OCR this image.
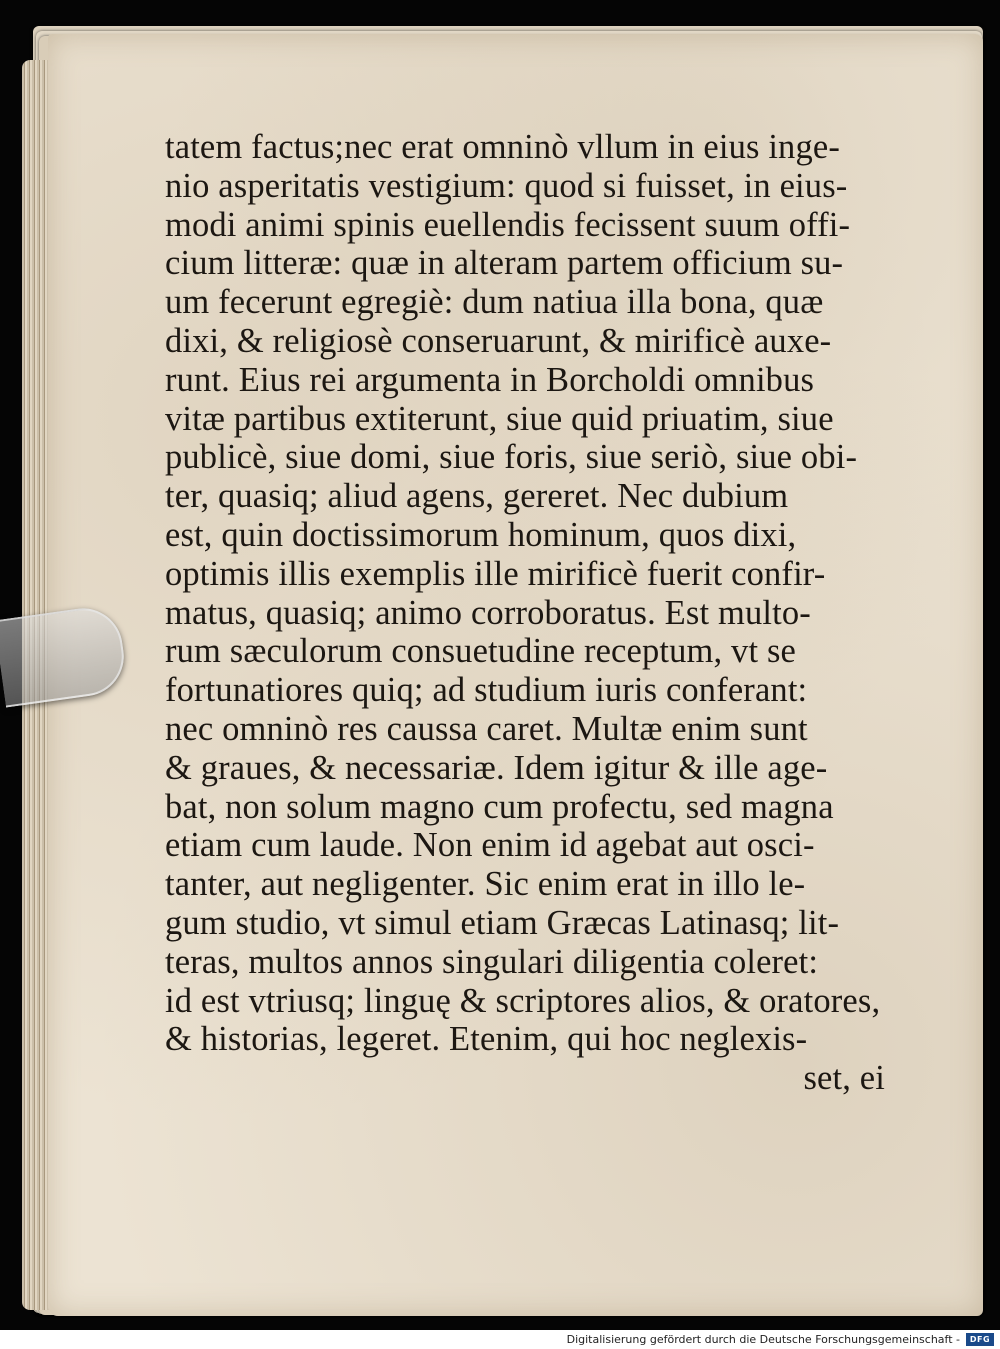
tatem factus;nec erat omninò vllum in eius inge-
nio asperitatis vestigium: quod si fuisset, in eius-
modi animi spinis euellendis fecissent suum offi-
cium litteræ: quæ in alteram partem officium su-
um fecerunt egregiè: dum natiua illa bona, quæ
dixi, & religiosè conseruarunt, & mirificè auxe-
runt. Eius rei argumenta in Borcholdi omnibus
vitæ partibus extiterunt, siue quid priuatim, siue
publicè, siue domi, siue foris, siue seriò, siue obi-
ter, quasiq; aliud agens, gereret. Nec dubium
est, quin doctissimorum hominum, quos dixi,
optimis illis exemplis ille mirificè fuerit confir-
matus, quasiq; animo corroboratus. Est multo-
rum sæculorum consuetudine receptum, vt se
fortunatiores quiq; ad studium iuris conferant:
nec omninò res caussa caret. Multæ enim sunt
& graues, & necessariæ. Idem igitur & ille age-
bat, non solum magno cum profectu, sed magna
etiam cum laude. Non enim id agebat aut osci-
tanter, aut negligenter. Sic enim erat in illo le-
gum studio, vt simul etiam Græcas Latinasq; lit-
teras, multos annos singulari diligentia coleret:
id est vtriusq; linguę & scriptores alios, & oratores,
& historias, legeret. Etenim, qui hoc neglexis-
set, ei
Digitalisierung gefördert durch die Deutsche Forschungsgemeinschaft -	DFG
